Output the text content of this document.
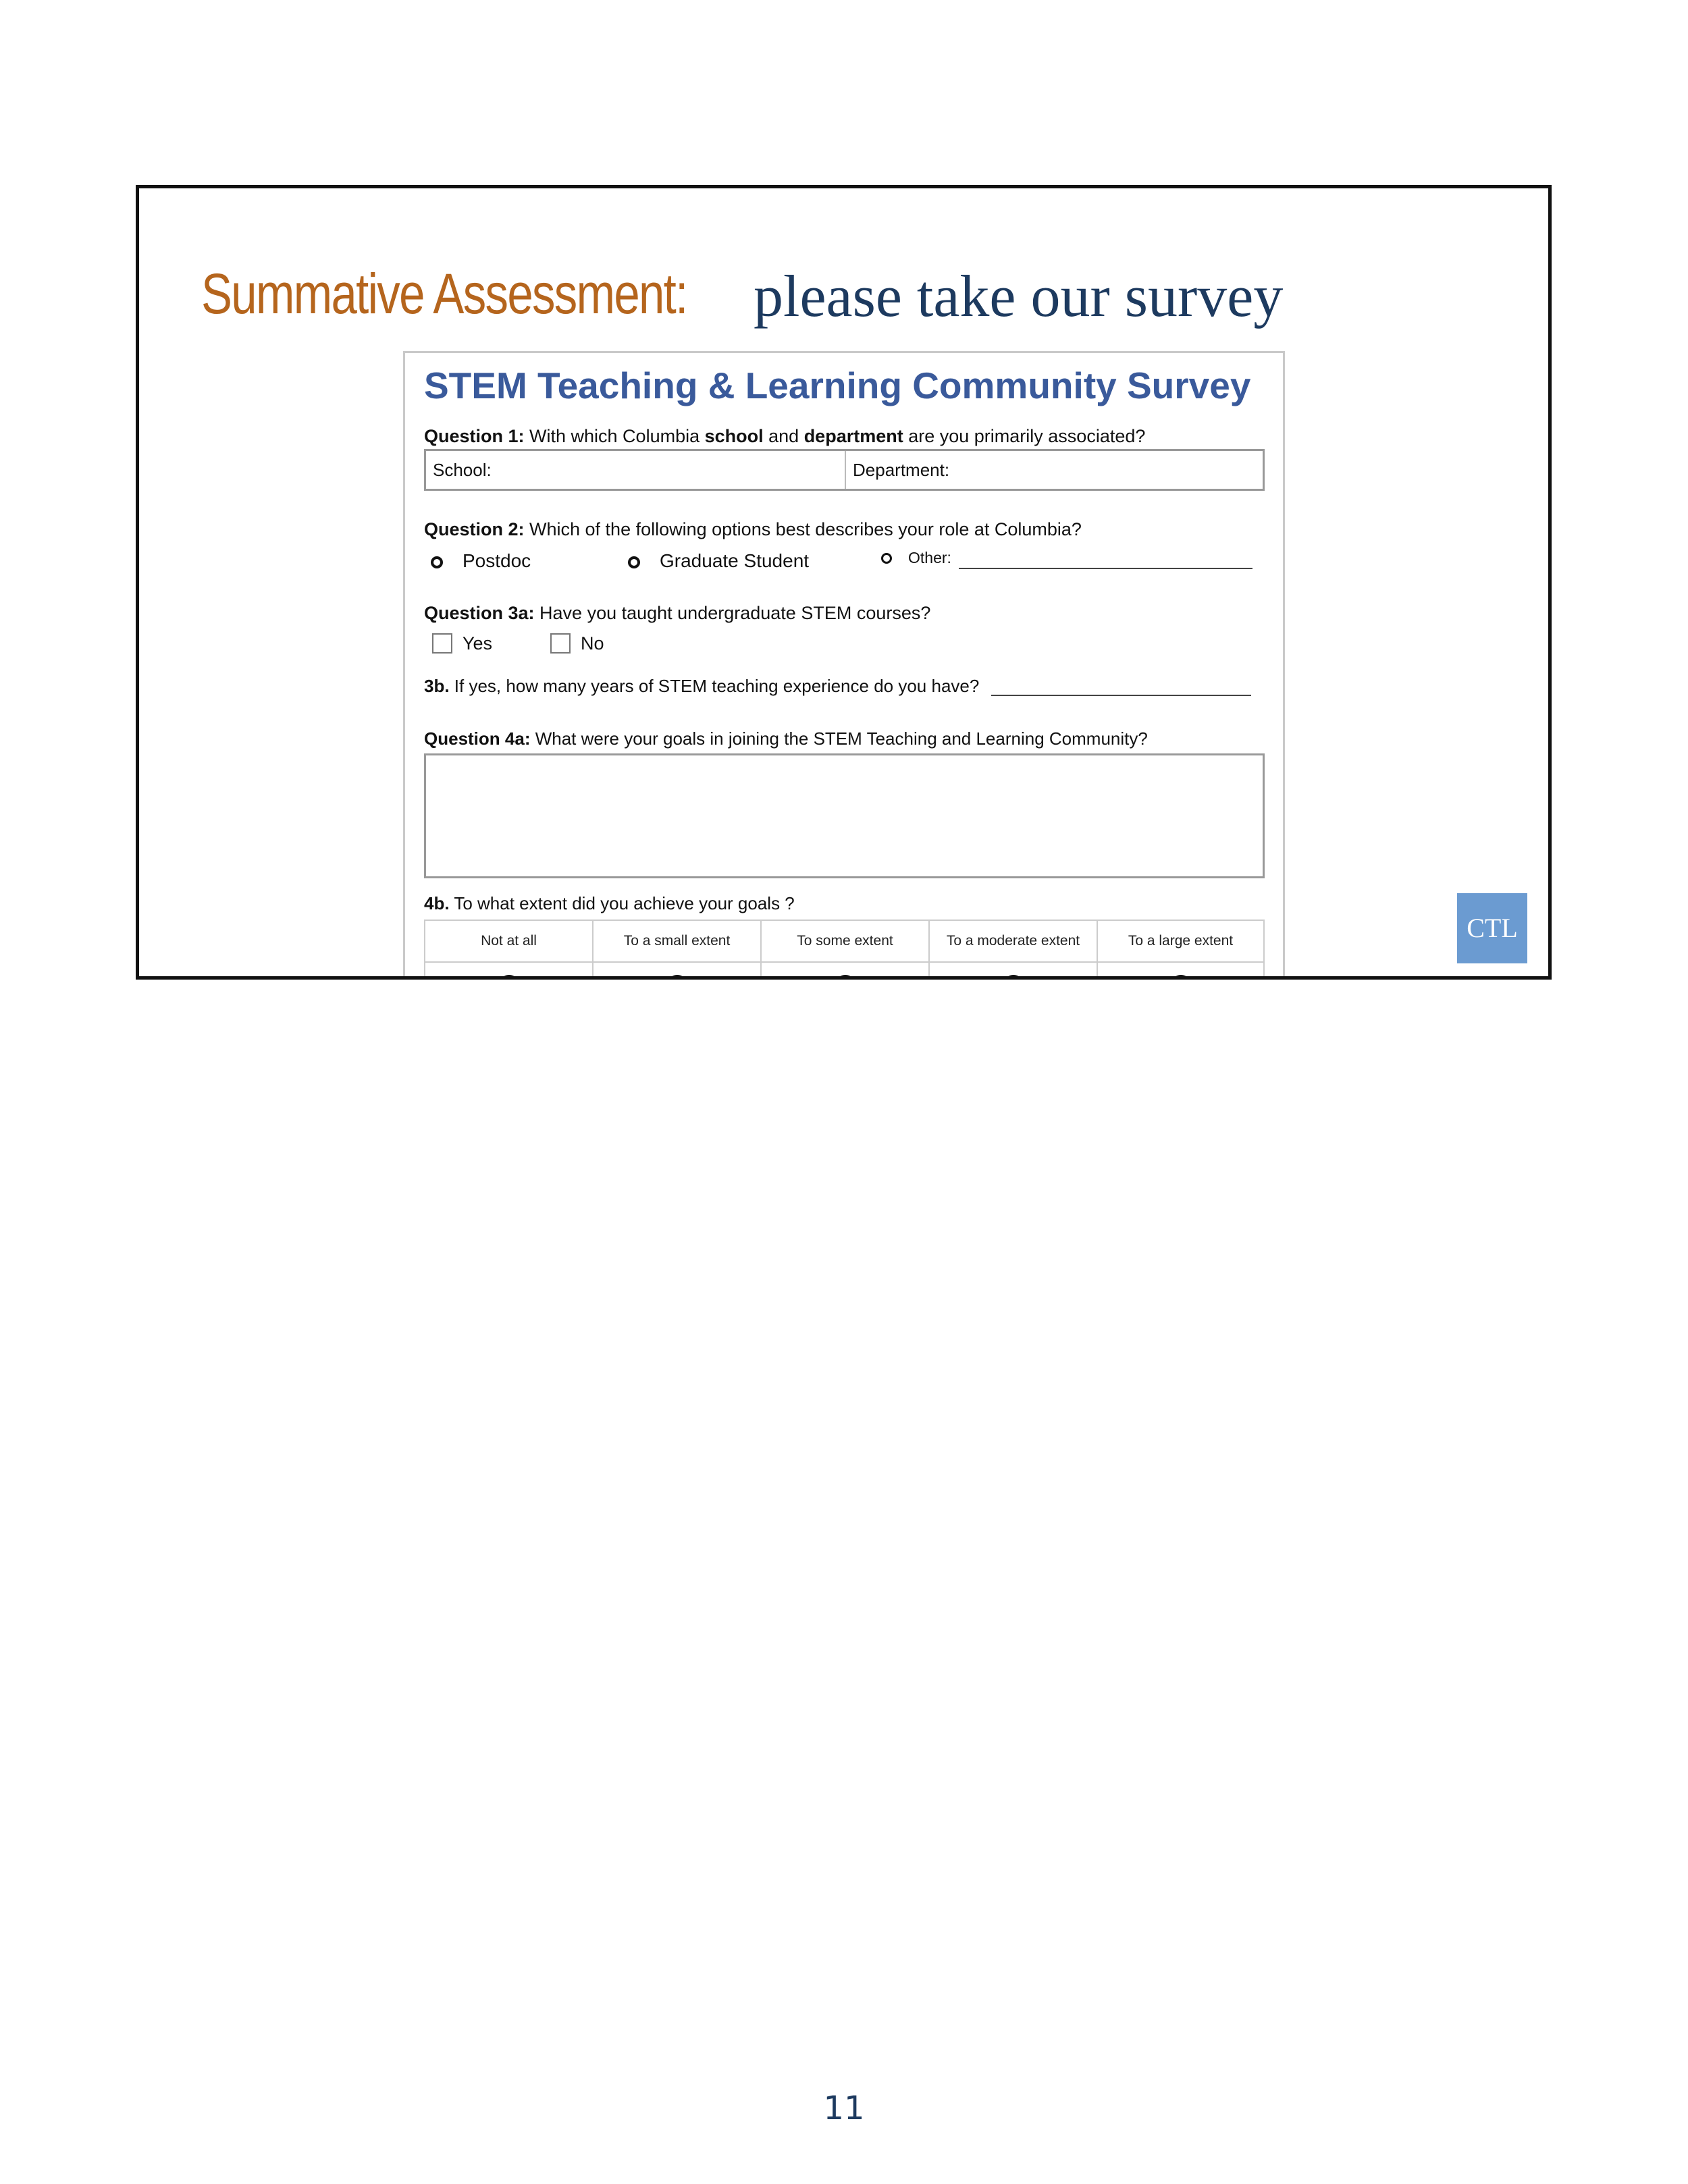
Summative Assessment: please take our survey
STEM Teaching & Learning Community Survey
Question 1: With which Columbia school and department are you primarily associated?
School:	Department:
Question 2: Which of the following options best describes your role at Columbia?
Postdoc	Graduate Student	Other:
Question 3a: Have you taught undergraduate STEM courses?
Yes	No
3b. If yes, how many years of STEM teaching experience do you have?
Question 4a: What were your goals in joining the STEM Teaching and Learning Community?
4b. To what extent did you achieve your goals ?
Not at all	To a small extent	To some extent	To a moderate extent	To a large extent	CTL
11
